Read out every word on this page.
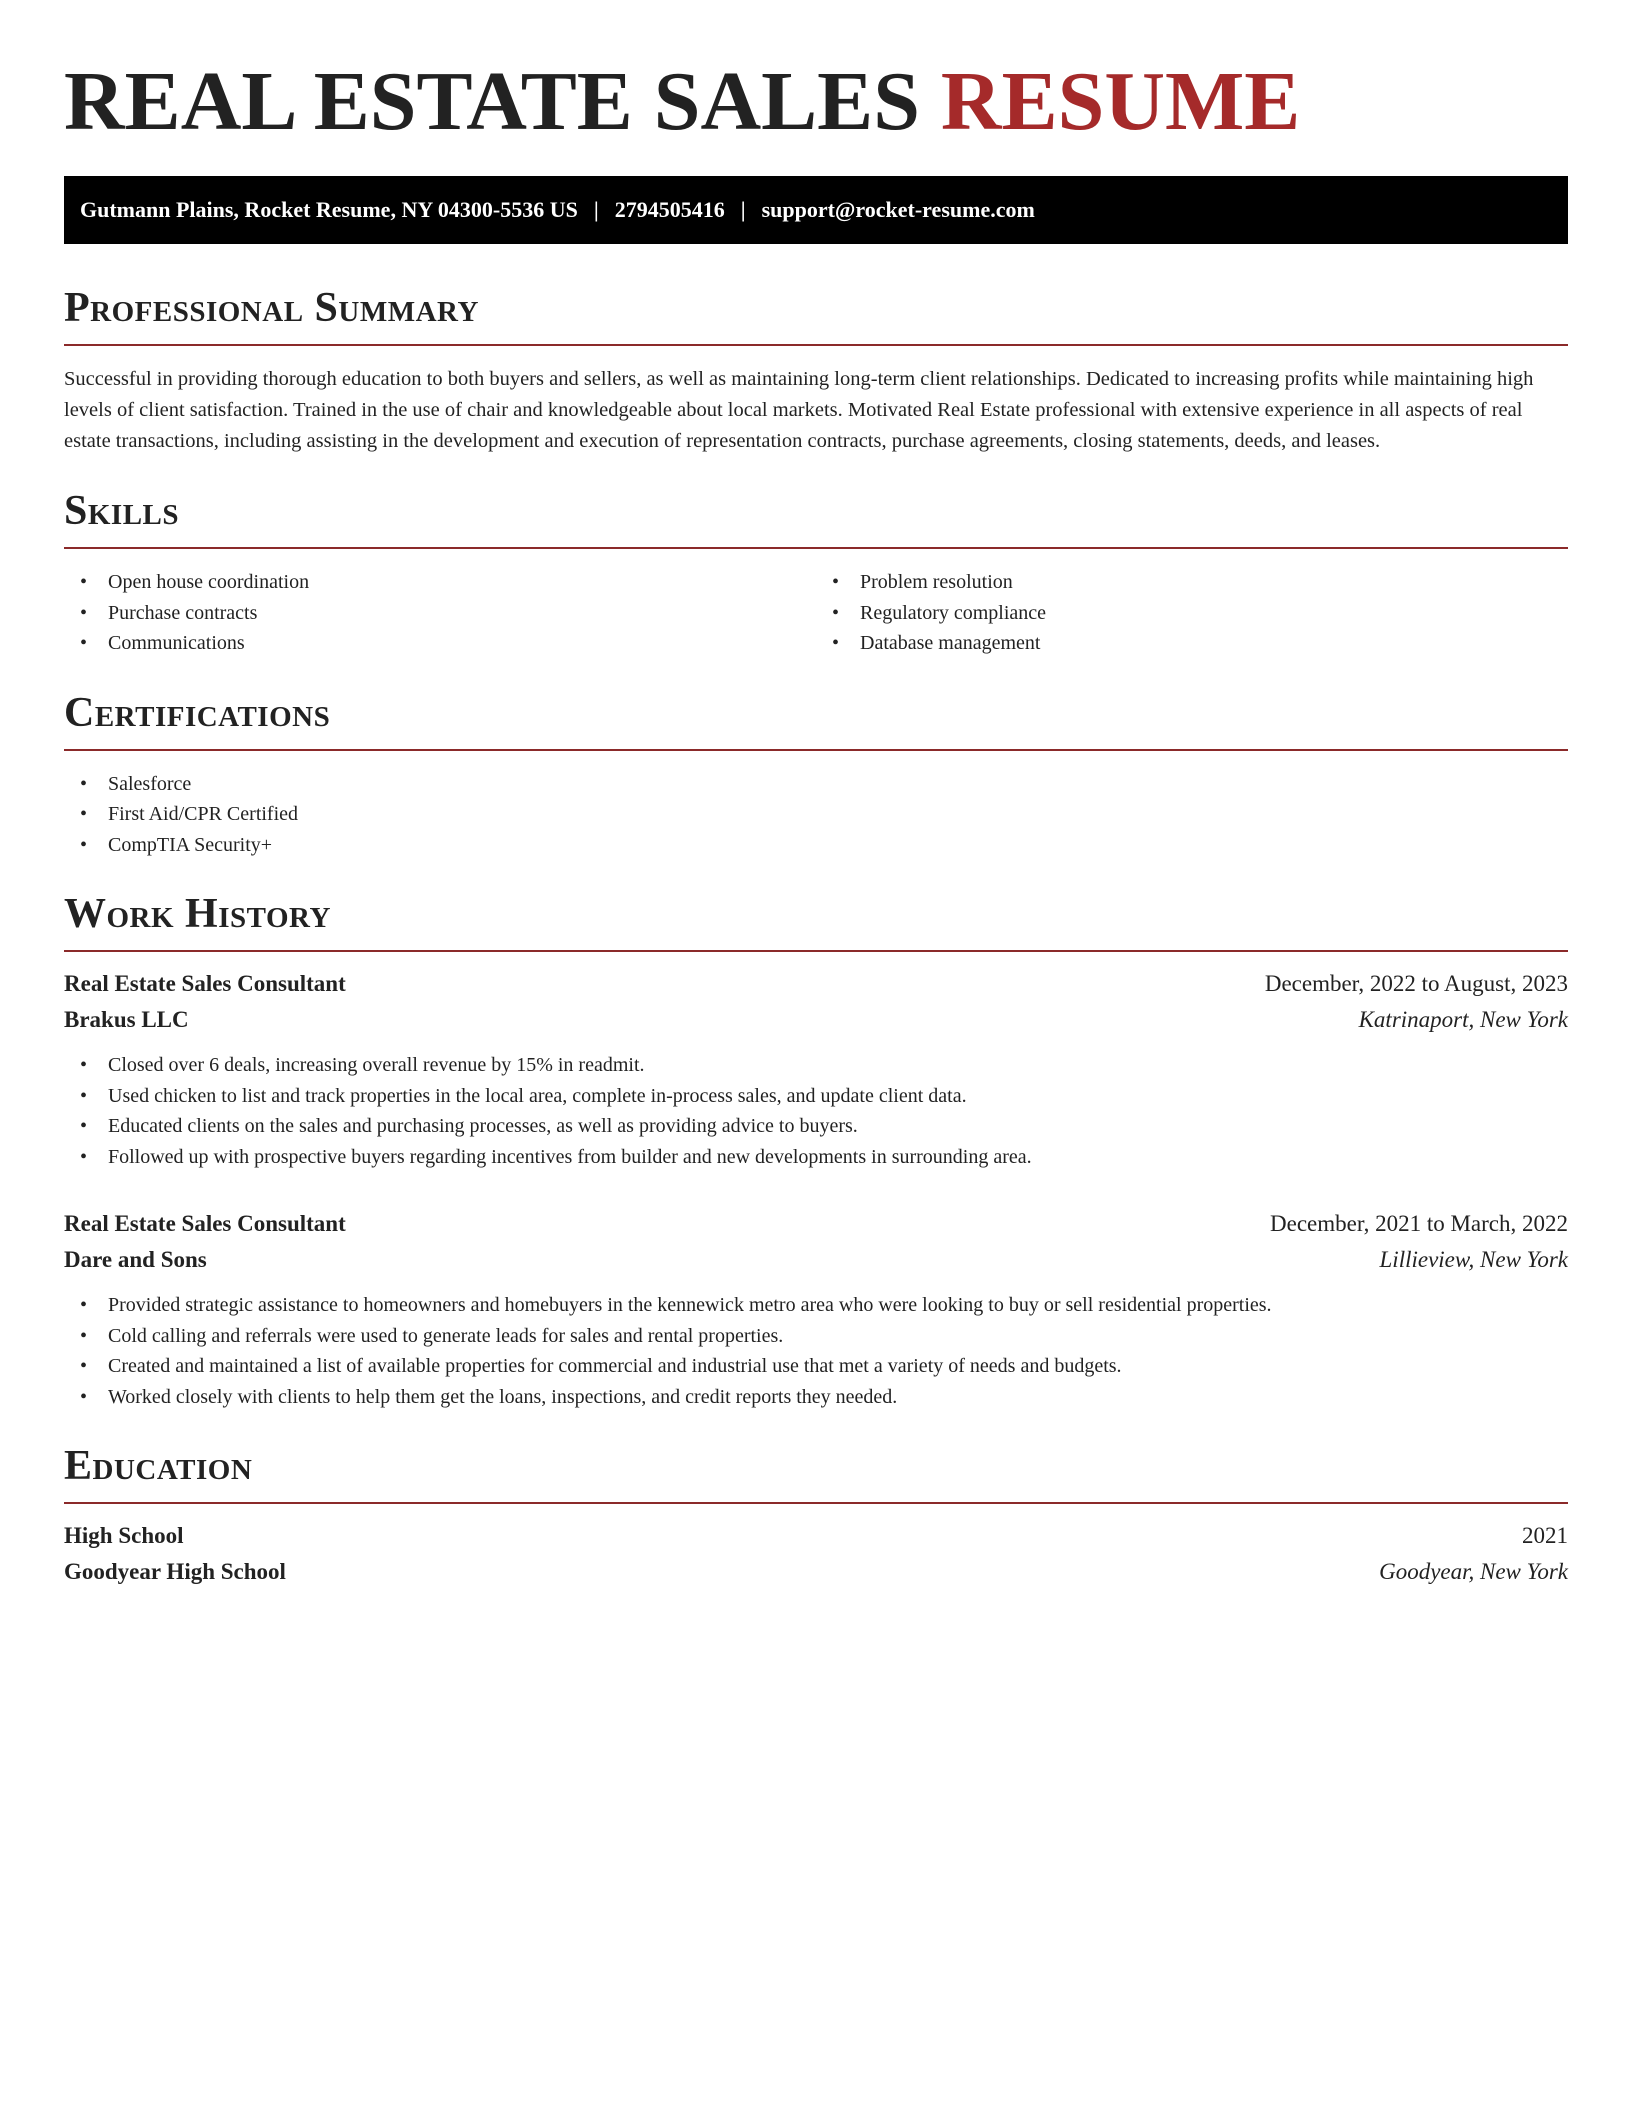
REAL ESTATE SALES RESUME
Gutmann Plains, Rocket Resume, NY 04300-5536 US | 2794505416 | support@rocket-resume.com
Professional Summary

Successful in providing thorough education to both buyers and sellers, as well as maintaining long-term client relationships. Dedicated to increasing profits while maintaining high levels of client satisfaction. Trained in the use of chair and knowledgeable about local markets. Motivated Real Estate professional with extensive experience in all aspects of real estate transactions, including assisting in the development and execution of representation contracts, purchase agreements, closing statements, deeds, and leases.

Skills
• Open house coordination
• Purchase contracts
• Communications
• Problem resolution
• Regulatory compliance
• Database management
Certifications
• Salesforce
• First Aid/CPR Certified
• CompTIA Security+
Work History
Real Estate Sales Consultant	December, 2022 to August, 2023
Brakus LLC	Katrinaport, New York
• Closed over 6 deals, increasing overall revenue by 15% in readmit.
• Used chicken to list and track properties in the local area, complete in-process sales, and update client data.
• Educated clients on the sales and purchasing processes, as well as providing advice to buyers.
• Followed up with prospective buyers regarding incentives from builder and new developments in surrounding area.
Real Estate Sales Consultant	December, 2021 to March, 2022
Dare and Sons	Lillieview, New York
• Provided strategic assistance to homeowners and homebuyers in the kennewick metro area who were looking to buy or sell residential properties.
• Cold calling and referrals were used to generate leads for sales and rental properties.
• Created and maintained a list of available properties for commercial and industrial use that met a variety of needs and budgets.
• Worked closely with clients to help them get the loans, inspections, and credit reports they needed.
Education
High School	2021
Goodyear High School	Goodyear, New York
